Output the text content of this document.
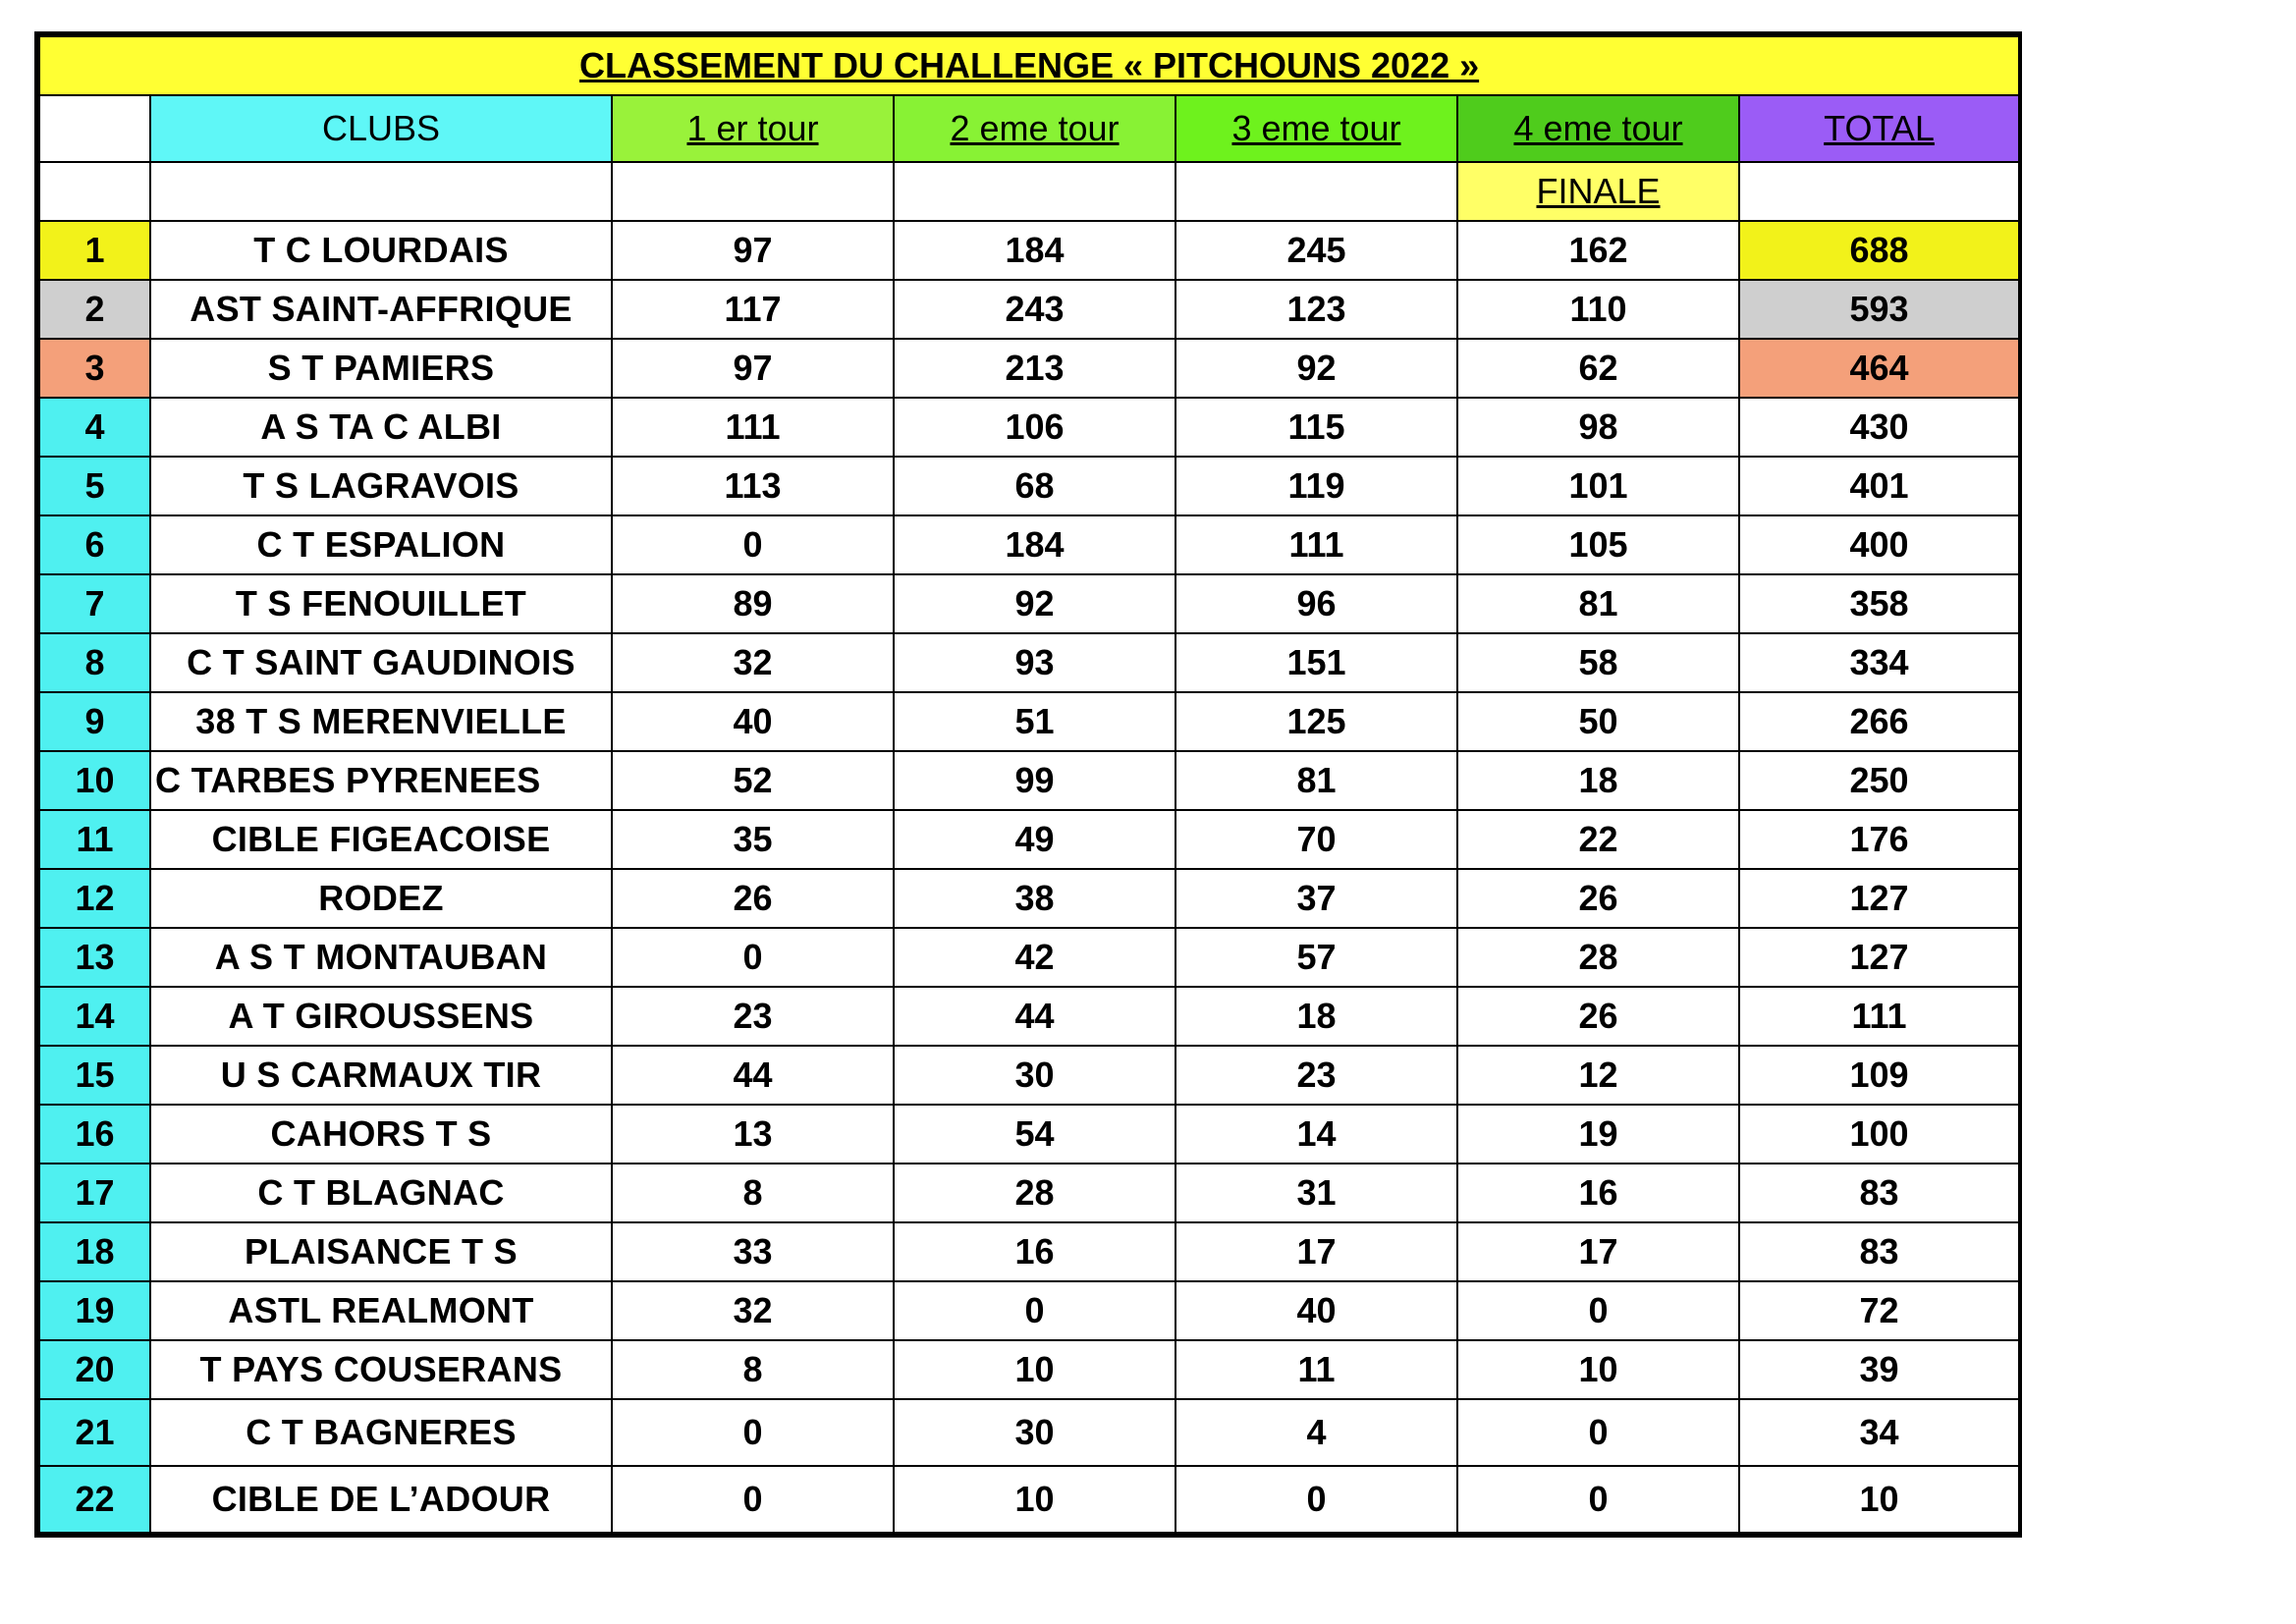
CLASSEMENT DU CHALLENGE « PITCHOUNS 2022 »						
	CLUBS	1 er tour	2 eme tour	3 eme tour	4 eme tour	TOTAL
					FINALE	
1	T C LOURDAIS	97	184	245	162	688
2	AST SAINT-AFFRIQUE	117	243	123	110	593
3	S T PAMIERS	97	213	92	62	464
4	A S TA C ALBI	111	106	115	98	430
5	T S LAGRAVOIS	113	68	119	101	401
6	C T ESPALION	0	184	111	105	400
7	T S FENOUILLET	89	92	96	81	358
8	C T SAINT GAUDINOIS	32	93	151	58	334
9	38 T S MERENVIELLE	40	51	125	50	266
10	C TARBES PYRENEES	52	99	81	18	250
11	CIBLE FIGEACOISE	35	49	70	22	176
12	RODEZ	26	38	37	26	127
13	A S T MONTAUBAN	0	42	57	28	127
14	A T GIROUSSENS	23	44	18	26	111
15	U S CARMAUX TIR	44	30	23	12	109
16	CAHORS T S	13	54	14	19	100
17	C T BLAGNAC	8	28	31	16	83
18	PLAISANCE T S	33	16	17	17	83
19	ASTL REALMONT	32	0	40	0	72
20	T PAYS COUSERANS	8	10	11	10	39
21	C T BAGNERES	0	30	4	0	34
22	CIBLE DE L’ADOUR	0	10	0	0	10
